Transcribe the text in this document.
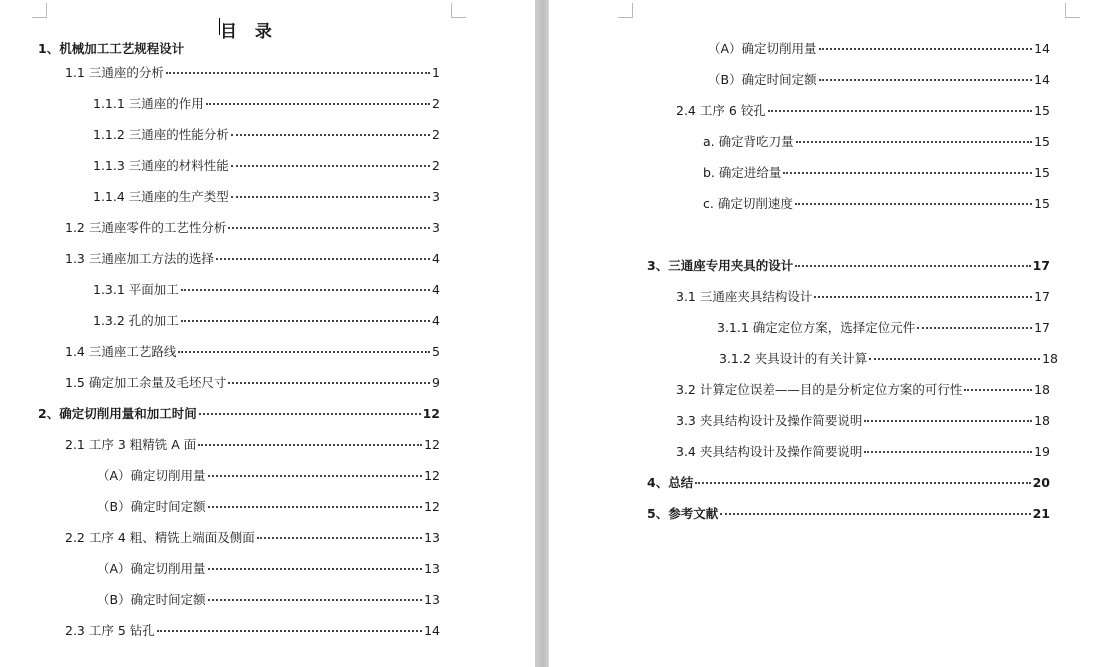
目 录
1、机械加工工艺规程设计
1.1 三通座的分析	1
1.1.1 三通座的作用	2
1.1.2 三通座的性能分析	2
1.1.3 三通座的材料性能	2
1.1.4 三通座的生产类型	3
1.2 三通座零件的工艺性分析	3
1.3 三通座加工方法的选择	4
1.3.1 平面加工	4
1.3.2 孔的加工	4
1.4 三通座工艺路线	5
1.5 确定加工余量及毛坯尺寸	9
2、确定切削用量和加工时间	12
2.1 工序 3 粗精铣 A 面	12
（A）确定切削用量	12
（B）确定时间定额	12
2.2 工序 4 粗、精铣上端面及侧面	13
（A）确定切削用量	13
（B）确定时间定额	13
2.3 工序 5 钻孔	14
（A）确定切削用量	14
（B）确定时间定额	14
2.4 工序 6 铰孔	15
a. 确定背吃刀量	15
b. 确定进给量	15
c. 确定切削速度	15
3、三通座专用夹具的设计	17
3.1 三通座夹具结构设计	17
3.1.1 确定定位方案，选择定位元件	17
3.1.2 夹具设计的有关计算	18
3.2 计算定位误差——目的是分析定位方案的可行性	18
3.3 夹具结构设计及操作简要说明	18
3.4 夹具结构设计及操作简要说明	19
4、总结	20
5、参考文献	21
